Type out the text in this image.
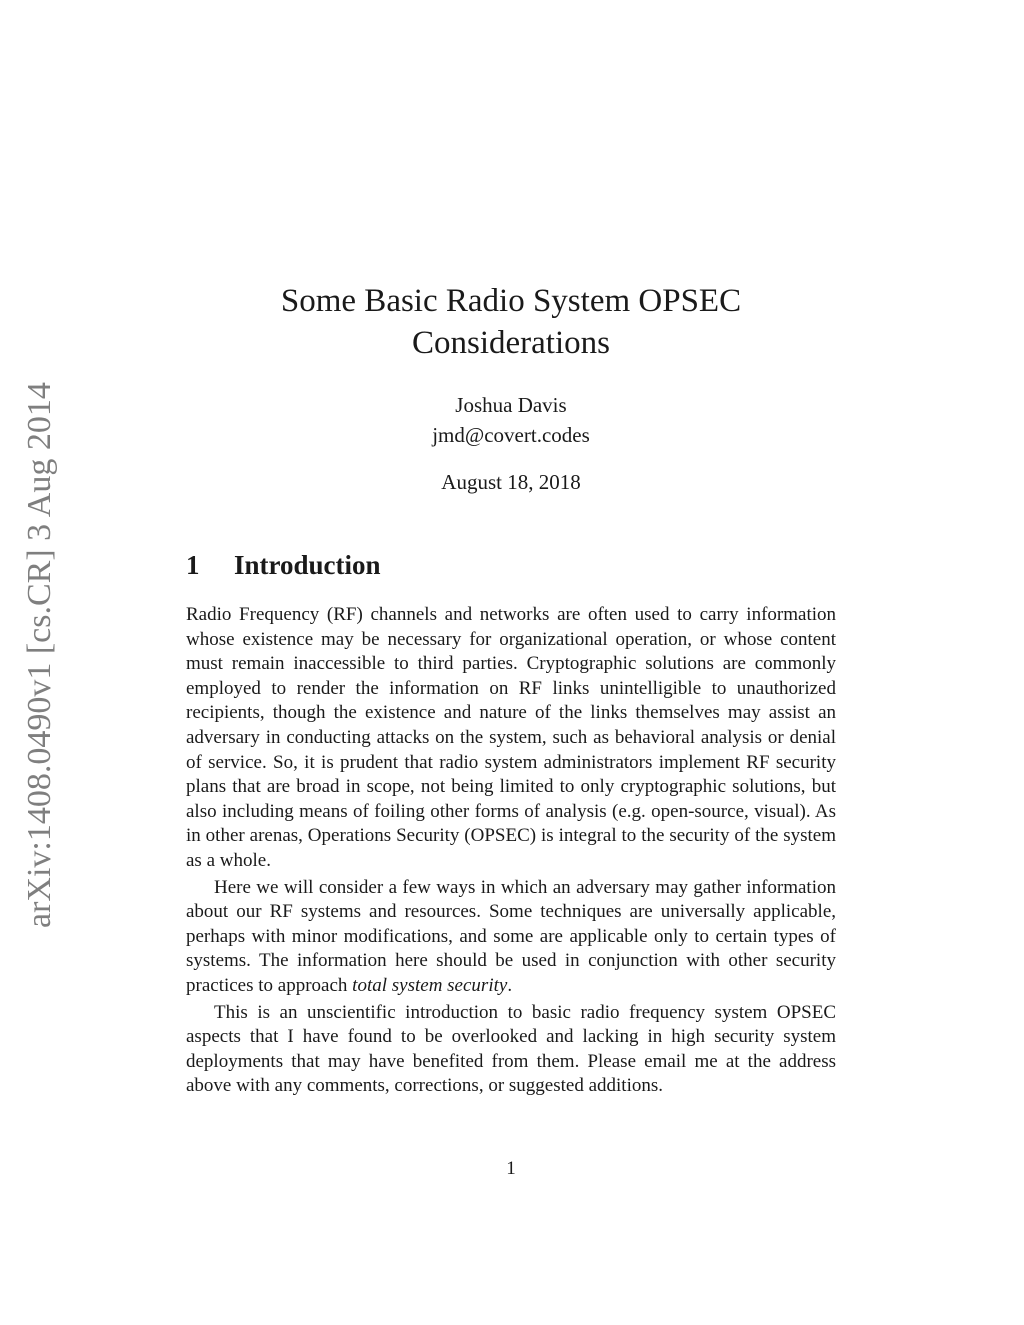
arXiv:1408.0490v1 [cs.CR] 3 Aug 2014
Some Basic Radio System OPSEC Considerations
Joshua Davis
jmd@covert.codes
August 18, 2018
1 Introduction

Radio Frequency (RF) channels and networks are often used to carry information whose existence may be necessary for organizational operation, or whose content must remain inaccessible to third parties. Cryptographic solutions are commonly employed to render the information on RF links unintelligible to unauthorized recipients, though the existence and nature of the links themselves may assist an adversary in conducting attacks on the system, such as behavioral analysis or denial of service. So, it is prudent that radio system administrators implement RF security plans that are broad in scope, not being limited to only cryptographic solutions, but also including means of foiling other forms of analysis (e.g. open-source, visual). As in other arenas, Operations Security (OPSEC) is integral to the security of the system as a whole.

Here we will consider a few ways in which an adversary may gather information about our RF systems and resources. Some techniques are universally applicable, perhaps with minor modifications, and some are applicable only to certain types of systems. The information here should be used in conjunction with other security practices to approach total system security.

This is an unscientific introduction to basic radio frequency system OPSEC aspects that I have found to be overlooked and lacking in high security system deployments that may have benefited from them. Please email me at the address above with any comments, corrections, or suggested additions.

1
